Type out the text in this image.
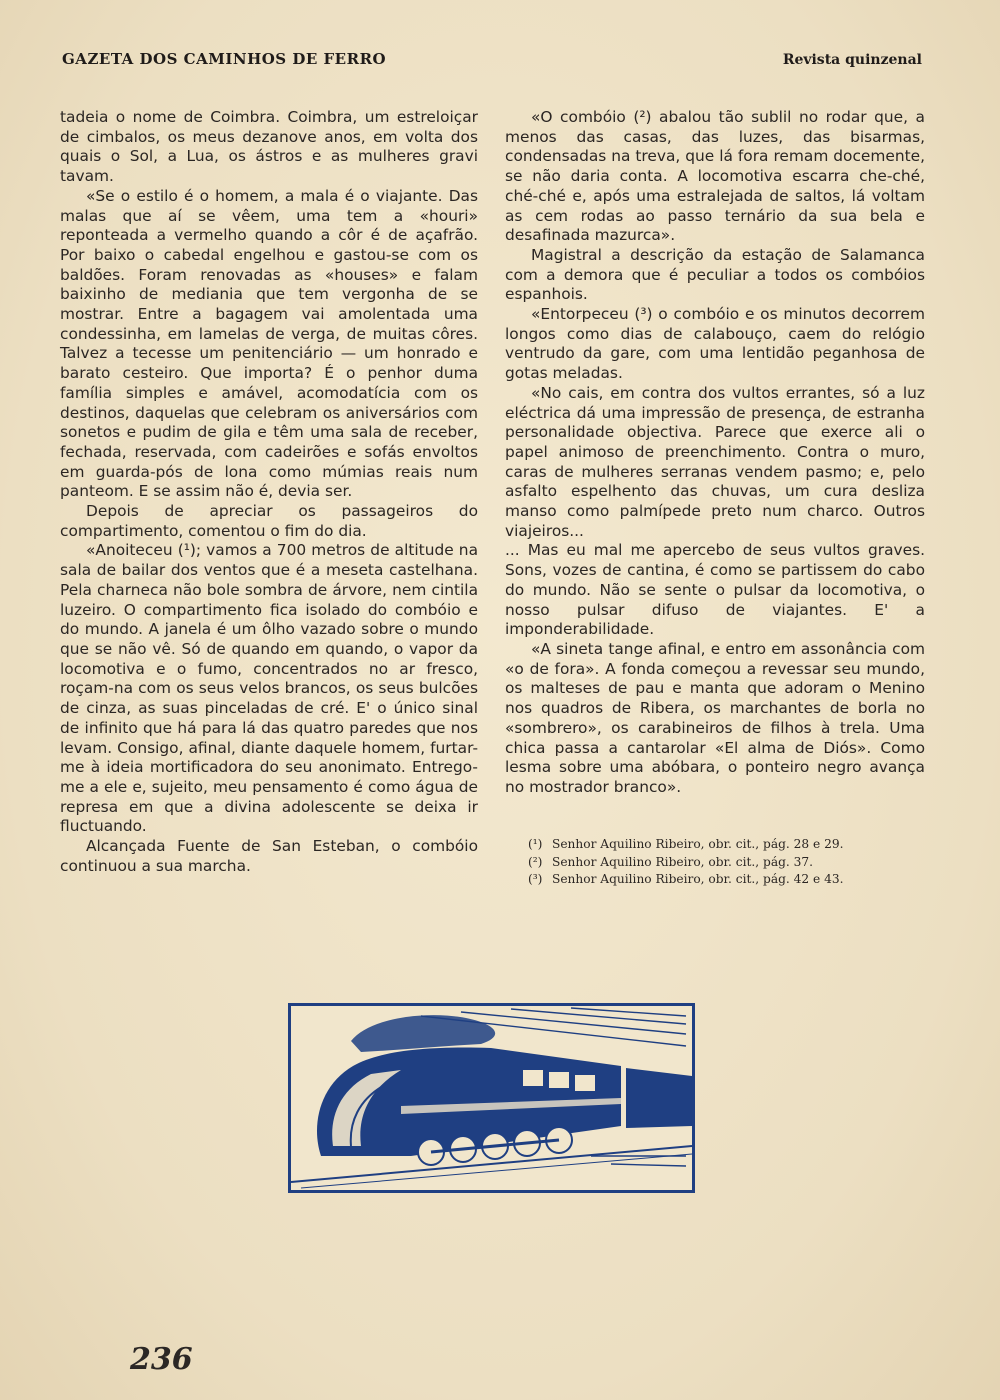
GAZETA DOS CAMINHOS DE FERRO	Revista quinzenal

tadeia o nome de Coimbra. Coimbra, um estreloiçar de cimbalos, os meus dezanove anos, em volta dos quais o Sol, a Lua, os ástros e as mulheres gravi tavam.

«Se o estilo é o homem, a mala é o viajante. Das malas que aí se vêem, uma tem a «houri» reponteada a vermelho quando a côr é de açafrão. Por baixo o cabedal engelhou e gastou-se com os baldões. Foram renovadas as «houses» e falam baixinho de mediania que tem vergonha de se mostrar. Entre a bagagem vai amolentada uma condessinha, em lamelas de verga, de muitas côres. Talvez a tecesse um penitenciário — um honrado e barato cesteiro. Que importa? É o penhor duma família simples e amável, acomodatícia com os destinos, daquelas que celebram os aniversários com sonetos e pudim de gila e têm uma sala de receber, fechada, reservada, com cadeirões e sofás envoltos em guarda-pós de lona como múmias reais num panteom. E se assim não é, devia ser.

Depois de apreciar os passageiros do compartimento, comentou o fim do dia.

«Anoiteceu (¹); vamos a 700 metros de altitude na sala de bailar dos ventos que é a meseta castelhana. Pela charneca não bole sombra de árvore, nem cintila luzeiro. O compartimento fica isolado do combóio e do mundo. A janela é um ôlho vazado sobre o mundo que se não vê. Só de quando em quando, o vapor da locomotiva e o fumo, concentrados no ar fresco, roçam-na com os seus velos brancos, os seus bulcões de cinza, as suas pinceladas de cré. E' o único sinal de infinito que há para lá das quatro paredes que nos levam. Consigo, afinal, diante daquele homem, furtar-me à ideia mortificadora do seu anonimato. Entrego-me a ele e, sujeito, meu pensamento é como água de represa em que a divina adolescente se deixa ir fluctuando.

Alcançada Fuente de San Esteban, o combóio continuou a sua marcha.

«O combóio (²) abalou tão sublil no rodar que, a menos das casas, das luzes, das bisarmas, condensadas na treva, que lá fora remam docemente, se não daria conta. A locomotiva escarra che-ché, ché-ché e, após uma estralejada de saltos, lá voltam as cem rodas ao passo ternário da sua bela e desafinada mazurca».

Magistral a descrição da estação de Salamanca com a demora que é peculiar a todos os combóios espanhois.

«Entorpeceu (³) o combóio e os minutos decorrem longos como dias de calabouço, caem do relógio ventrudo da gare, com uma lentidão peganhosa de gotas meladas.

«No cais, em contra dos vultos errantes, só a luz eléctrica dá uma impressão de presença, de estranha personalidade objectiva. Parece que exerce ali o papel animoso de preenchimento. Contra o muro, caras de mulheres serranas vendem pasmo; e, pelo asfalto espelhento das chuvas, um cura desliza manso como palmípede preto num charco. Outros viajeiros...

... Mas eu mal me apercebo de seus vultos graves. Sons, vozes de cantina, é como se partissem do cabo do mundo. Não se sente o pulsar da locomotiva, o nosso pulsar difuso de viajantes. E' a imponderabilidade.

«A sineta tange afinal, e entro em assonância com «o de fora». A fonda começou a revessar seu mundo, os malteses de pau e manta que adoram o Menino nos quadros de Ribera, os marchantes de borla no «sombrero», os carabineiros de filhos à trela. Uma chica passa a cantarolar «El alma de Diós». Como lesma sobre uma abóbara, o ponteiro negro avança no mostrador branco».

(¹) Senhor Aquilino Ribeiro, obr. cit., pág. 28 e 29.
(²) Senhor Aquilino Ribeiro, obr. cit., pág. 37.
(³) Senhor Aquilino Ribeiro, obr. cit., pág. 42 e 43.
236
